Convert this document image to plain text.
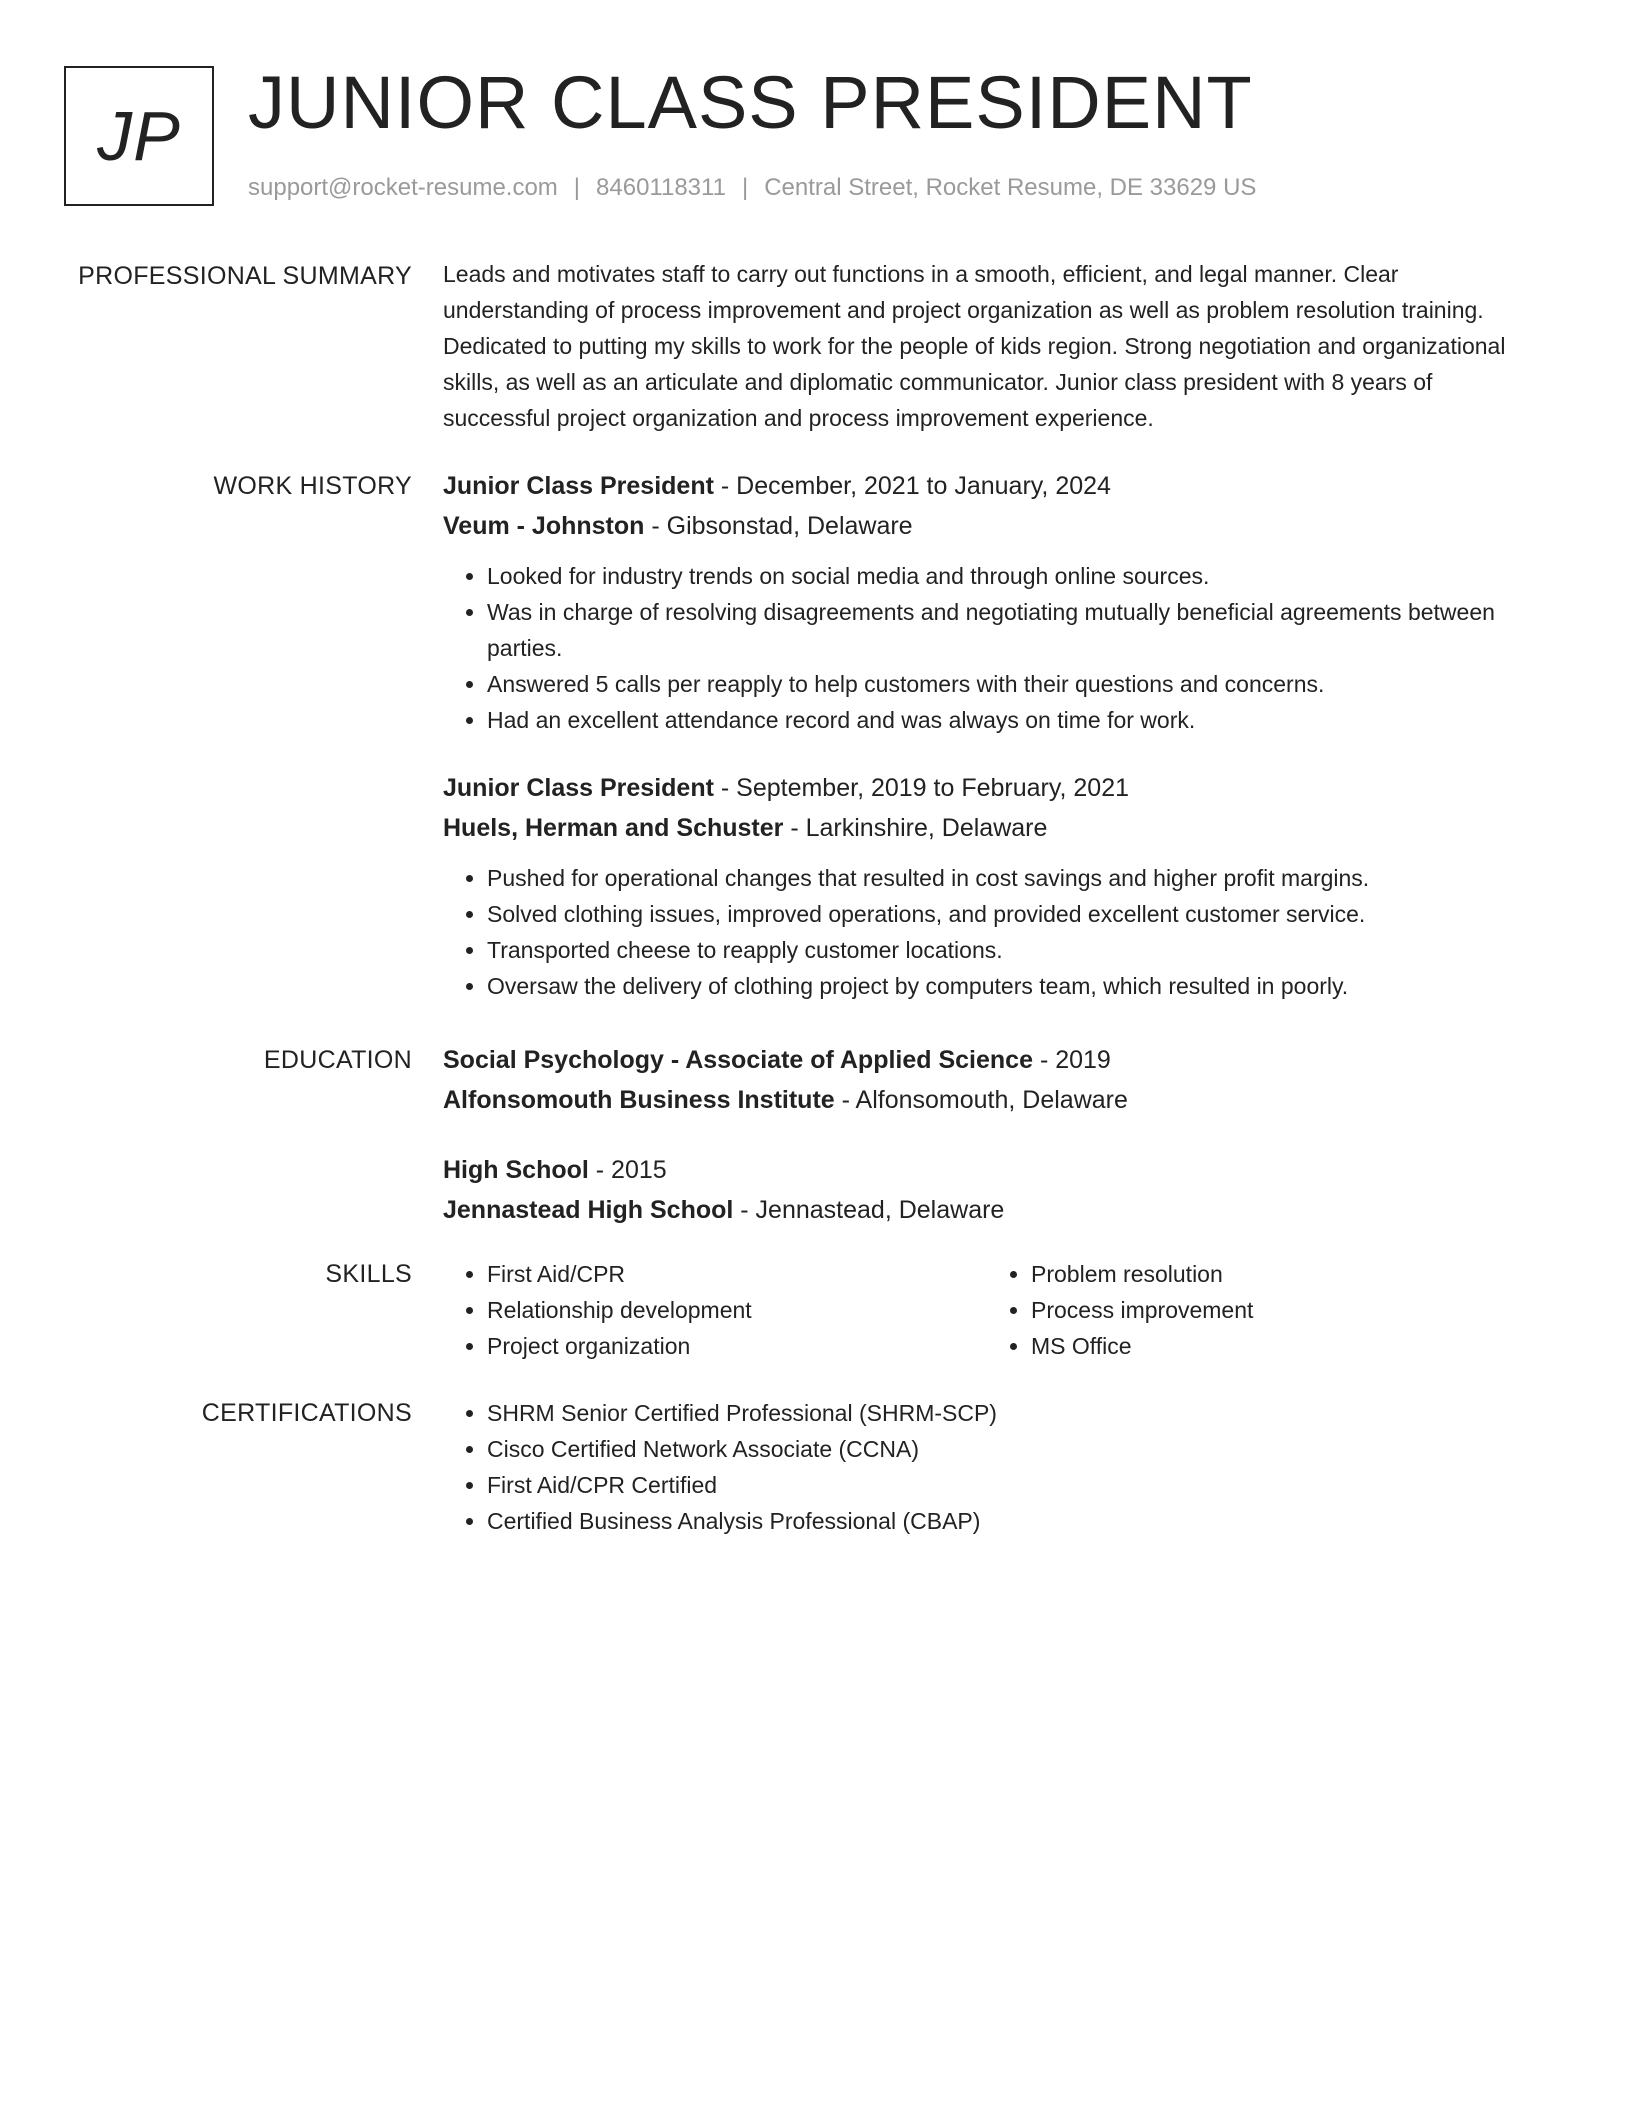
JP JUNIOR CLASS PRESIDENT
support@rocket-resume.com | 8460118311 | Central Street, Rocket Resume, DE 33629 US
PROFESSIONAL SUMMARY Leads and motivates staff to carry out functions in a smooth, efficient, and legal manner. Clear understanding of process improvement and project organization as well as problem resolution training. Dedicated to putting my skills to work for the people of kids region. Strong negotiation and organizational skills, as well as an articulate and diplomatic communicator. Junior class president with 8 years of successful project organization and process improvement experience.
WORK HISTORY Junior Class President - December, 2021 to January, 2024
Veum - Johnston - Gibsonstad, Delaware
• Looked for industry trends on social media and through online sources.
• Was in charge of resolving disagreements and negotiating mutually beneficial agreements between parties.
• Answered 5 calls per reapply to help customers with their questions and concerns.
• Had an excellent attendance record and was always on time for work.
Junior Class President - September, 2019 to February, 2021
Huels, Herman and Schuster - Larkinshire, Delaware
• Pushed for operational changes that resulted in cost savings and higher profit margins.
• Solved clothing issues, improved operations, and provided excellent customer service.
• Transported cheese to reapply customer locations.
• Oversaw the delivery of clothing project by computers team, which resulted in poorly.
EDUCATION Social Psychology - Associate of Applied Science - 2019
Alfonsomouth Business Institute - Alfonsomouth, Delaware
High School - 2015
Jennastead High School - Jennastead, Delaware
SKILLS	• First Aid/CPR
• Relationship development
• Project organization
• Problem resolution
• Process improvement
• MS Office
CERTIFICATIONS	• SHRM Senior Certified Professional (SHRM-SCP)
• Cisco Certified Network Associate (CCNA)
• First Aid/CPR Certified
• Certified Business Analysis Professional (CBAP)
